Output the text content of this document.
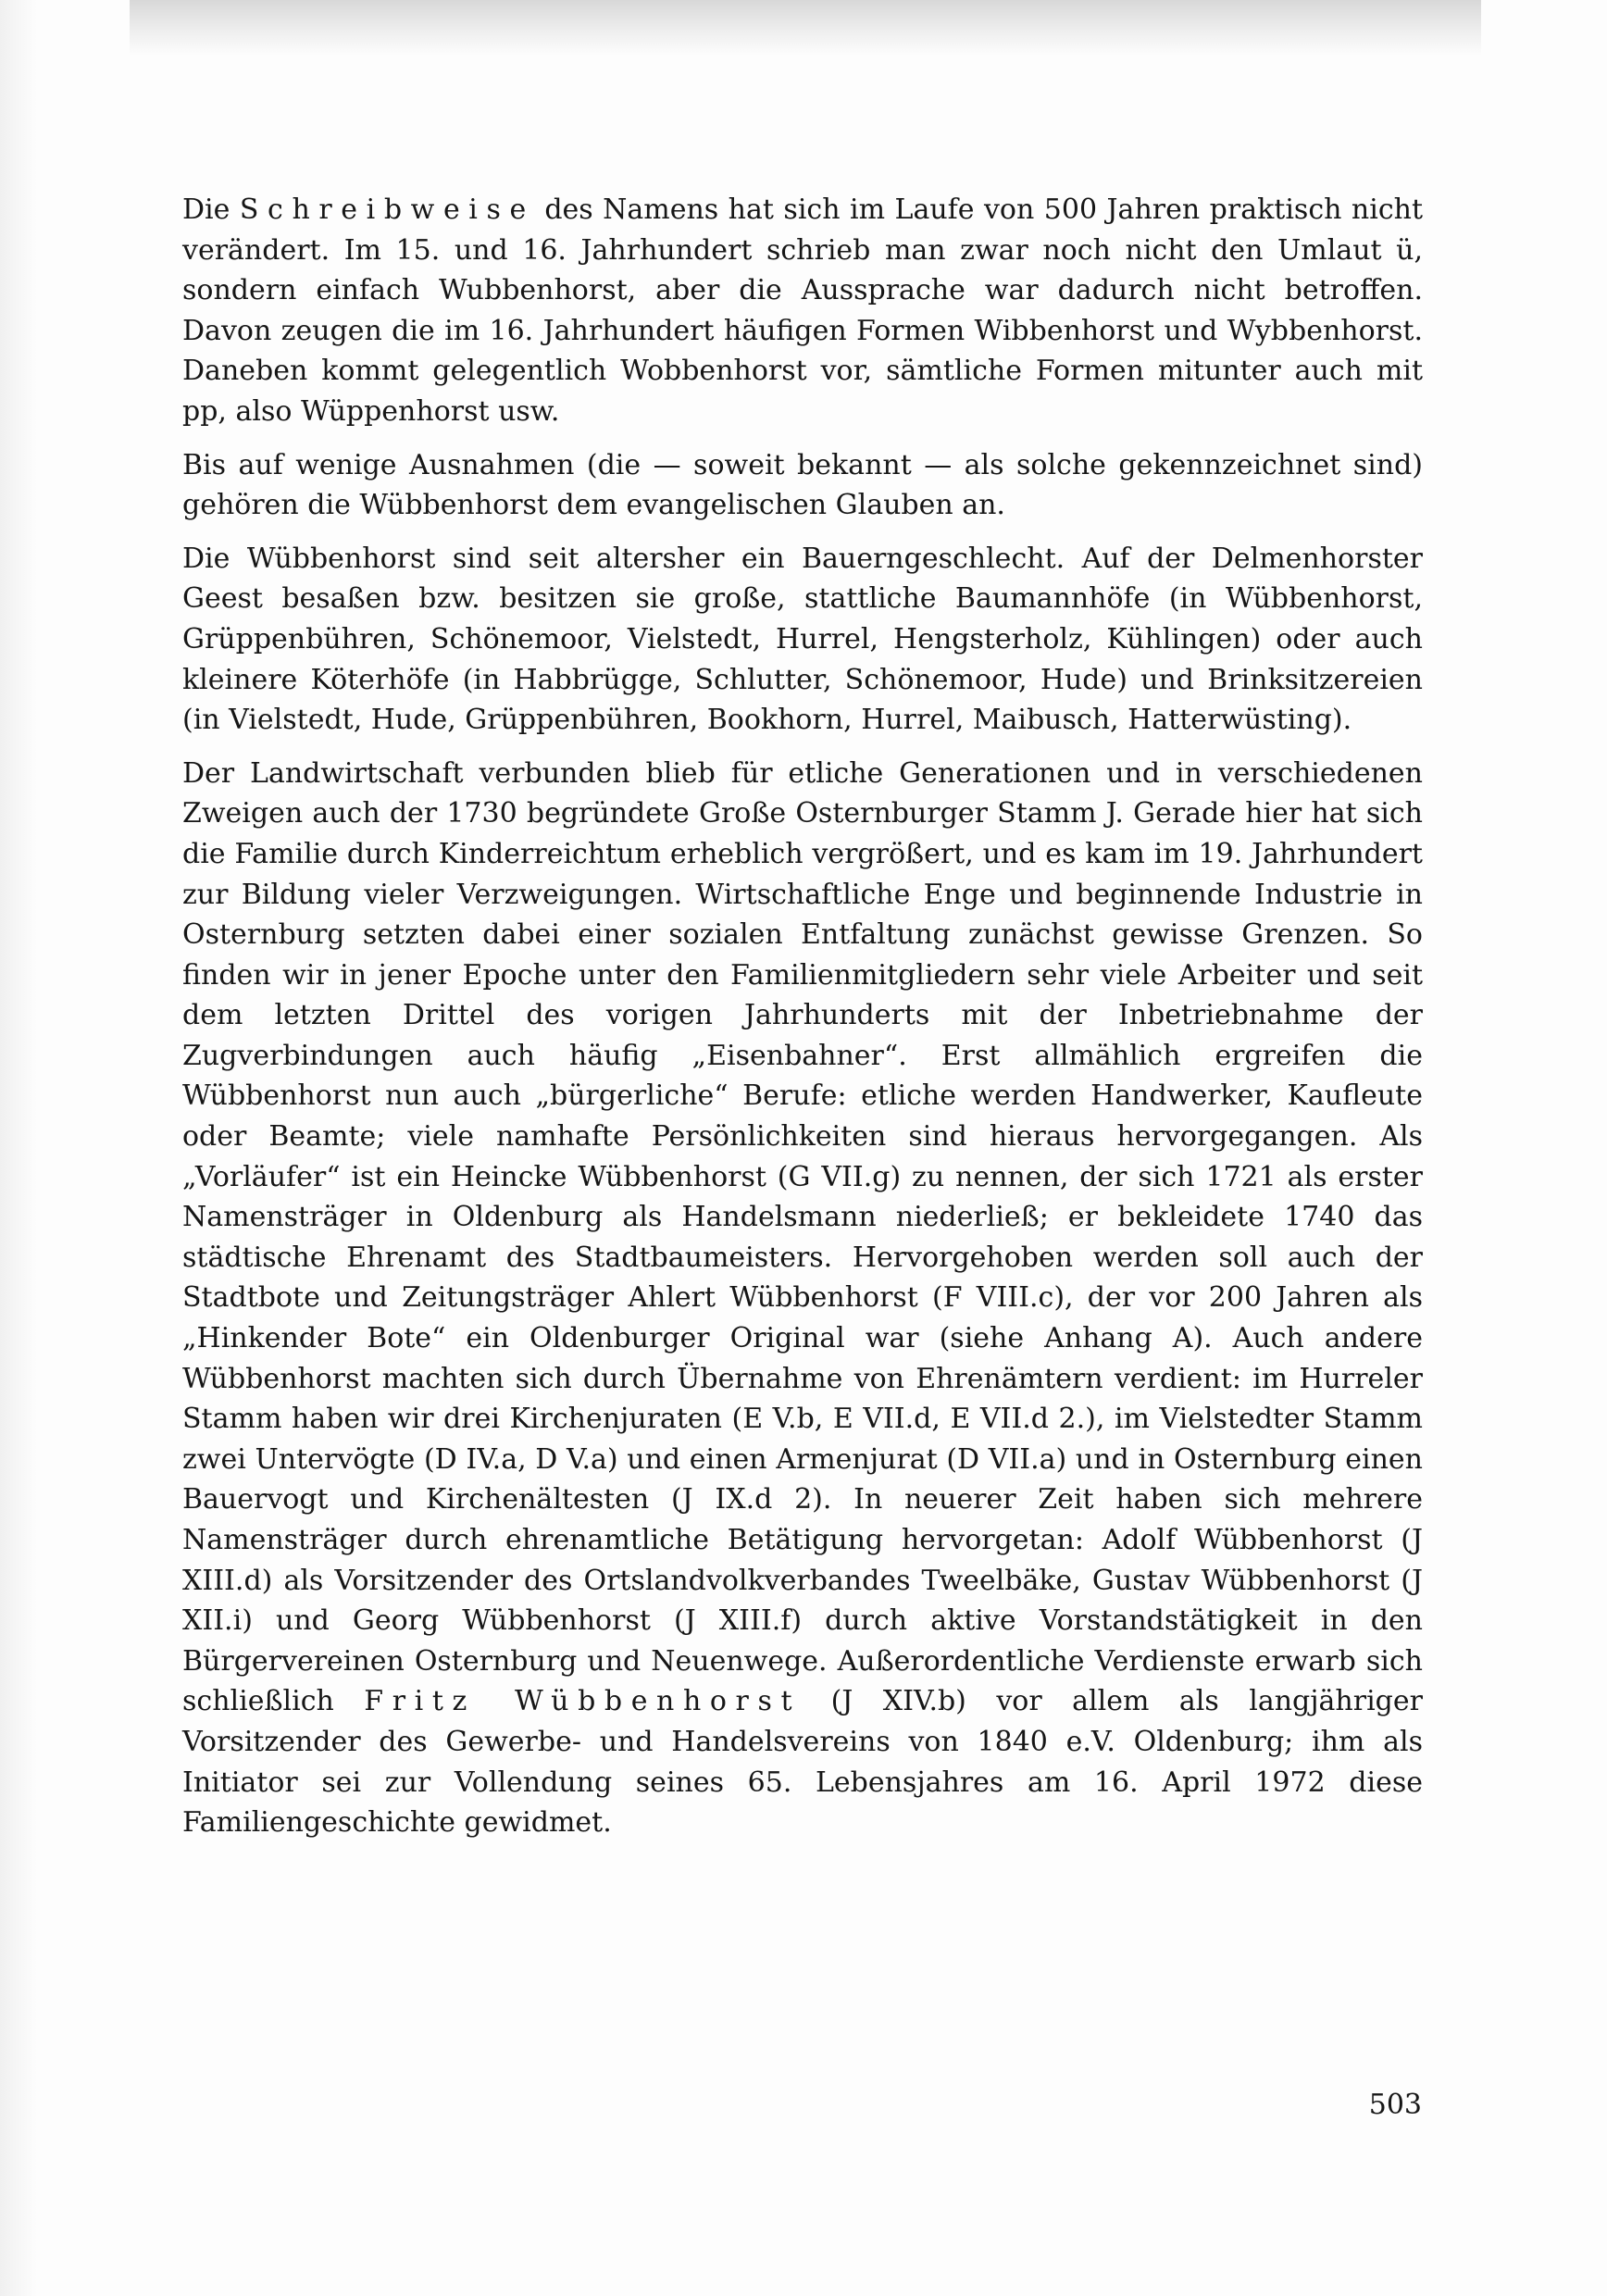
Die Schreibweise des Namens hat sich im Laufe von 500 Jahren praktisch nicht verändert. Im 15. und 16. Jahrhundert schrieb man zwar noch nicht den Umlaut ü, sondern einfach Wubbenhorst, aber die Aussprache war dadurch nicht betroffen. Davon zeugen die im 16. Jahrhundert häufigen Formen Wibbenhorst und Wybbenhorst. Daneben kommt gelegentlich Wobbenhorst vor, sämtliche Formen mitunter auch mit pp, also Wüppenhorst usw.

Bis auf wenige Ausnahmen (die — soweit bekannt — als solche gekennzeichnet sind) gehören die Wübbenhorst dem evangelischen Glauben an.

Die Wübbenhorst sind seit altersher ein Bauerngeschlecht. Auf der Delmenhorster Geest besaßen bzw. besitzen sie große, stattliche Baumannhöfe (in Wübbenhorst, Grüppenbühren, Schönemoor, Vielstedt, Hurrel, Hengsterholz, Kühlingen) oder auch kleinere Köterhöfe (in Habbrügge, Schlutter, Schönemoor, Hude) und Brinksitzereien (in Vielstedt, Hude, Grüppenbühren, Bookhorn, Hurrel, Maibusch, Hatterwüsting).

Der Landwirtschaft verbunden blieb für etliche Generationen und in verschiedenen Zweigen auch der 1730 begründete Große Osternburger Stamm J. Gerade hier hat sich die Familie durch Kinderreichtum erheblich vergrößert, und es kam im 19. Jahrhundert zur Bildung vieler Verzweigungen. Wirtschaftliche Enge und beginnende Industrie in Osternburg setzten dabei einer sozialen Entfaltung zunächst gewisse Grenzen. So finden wir in jener Epoche unter den Familienmitgliedern sehr viele Arbeiter und seit dem letzten Drittel des vorigen Jahrhunderts mit der Inbetriebnahme der Zugverbindungen auch häufig „Eisenbahner“. Erst allmählich ergreifen die Wübbenhorst nun auch „bürgerliche“ Berufe: etliche werden Handwerker, Kaufleute oder Beamte; viele namhafte Persönlichkeiten sind hieraus hervorgegangen. Als „Vorläufer“ ist ein Heincke Wübbenhorst (G VII.g) zu nennen, der sich 1721 als erster Namensträger in Oldenburg als Handelsmann niederließ; er bekleidete 1740 das städtische Ehrenamt des Stadtbaumeisters. Hervorgehoben werden soll auch der Stadtbote und Zeitungsträger Ahlert Wübbenhorst (F VIII.c), der vor 200 Jahren als „Hinkender Bote“ ein Oldenburger Original war (siehe Anhang A). Auch andere Wübbenhorst machten sich durch Übernahme von Ehrenämtern verdient: im Hurreler Stamm haben wir drei Kirchenjuraten (E V.b, E VII.d, E VII.d 2.), im Vielstedter Stamm zwei Untervögte (D IV.a, D V.a) und einen Armenjurat (D VII.a) und in Osternburg einen Bauervogt und Kirchenältesten (J IX.d 2). In neuerer Zeit haben sich mehrere Namensträger durch ehrenamtliche Betätigung hervorgetan: Adolf Wübbenhorst (J XIII.d) als Vorsitzender des Ortslandvolkverbandes Tweelbäke, Gustav Wübbenhorst (J XII.i) und Georg Wübbenhorst (J XIII.f) durch aktive Vorstandstätigkeit in den Bürgervereinen Osternburg und Neuenwege. Außerordentliche Verdienste erwarb sich schließlich Fritz Wübbenhorst (J XIV.b) vor allem als langjähriger Vorsitzender des Gewerbe- und Handelsvereins von 1840 e.V. Oldenburg; ihm als Initiator sei zur Vollendung seines 65. Lebensjahres am 16. April 1972 diese Familiengeschichte gewidmet.

503
